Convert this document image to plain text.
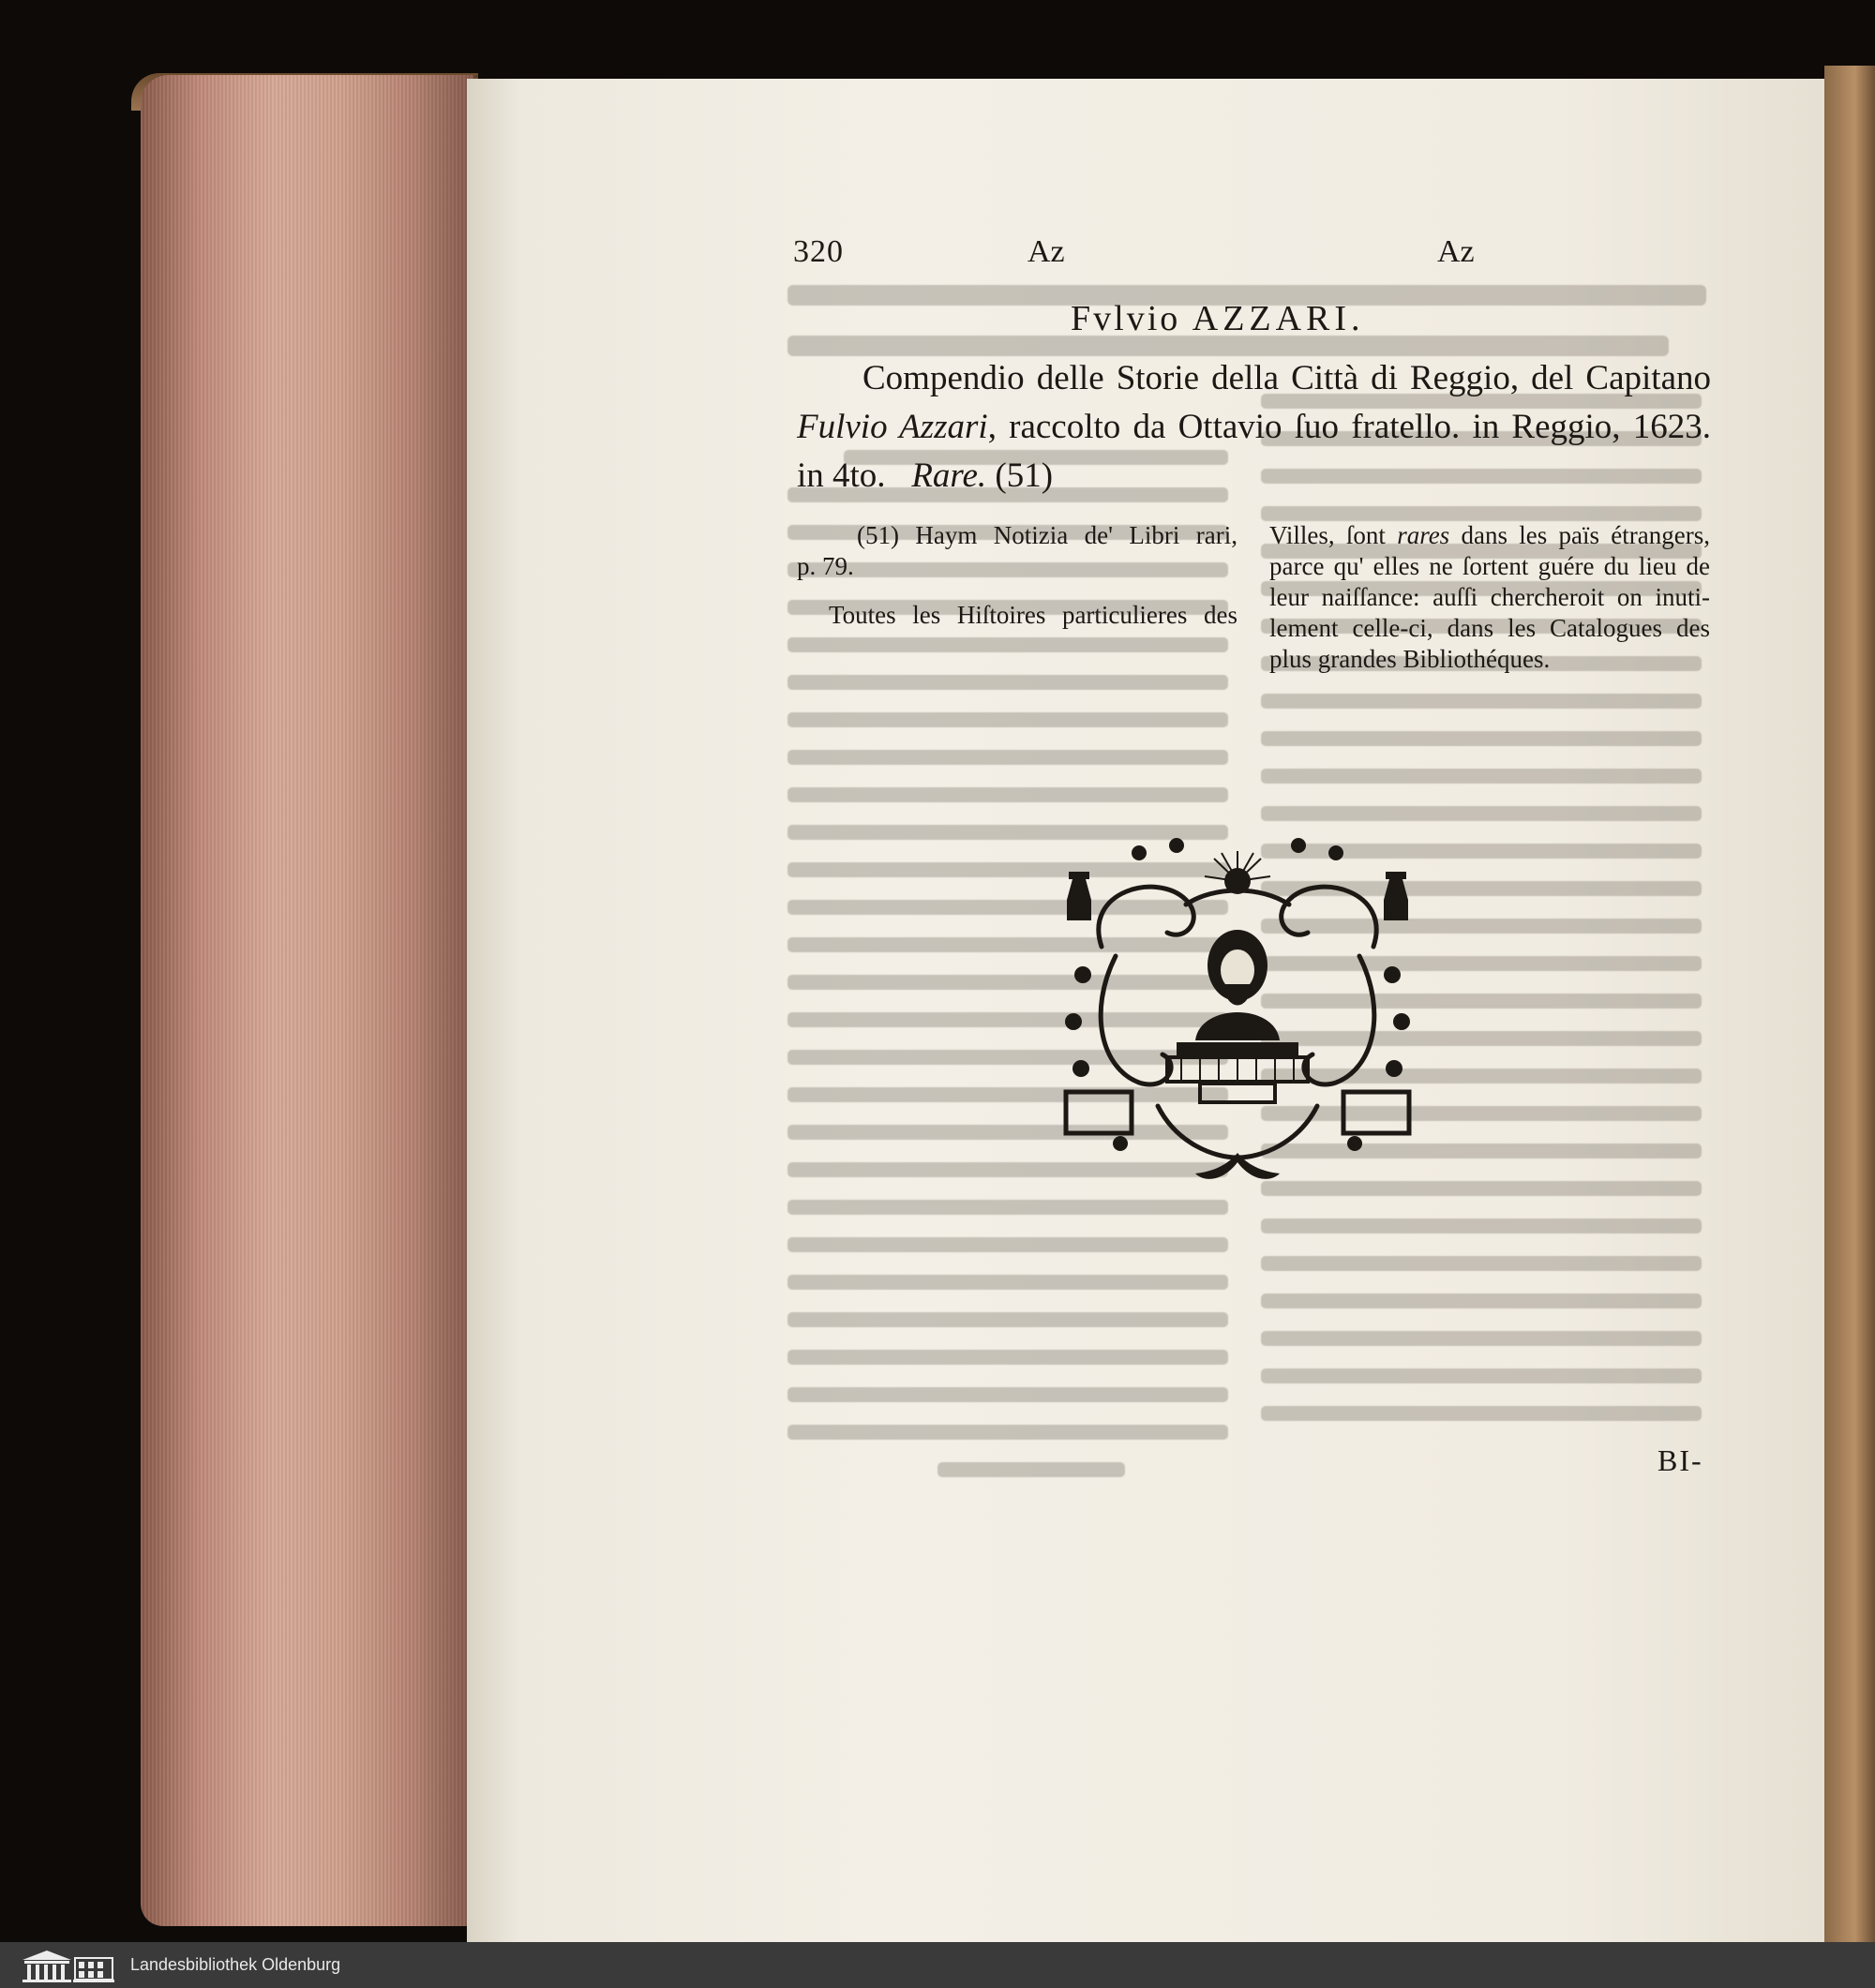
320	Az	Az
Fvlvio AZZARI.
Compendio delle Storie della Città di Reggio, del Capitano
Fulvio Azzari, raccolto da Ottavio ſuo fratello. in Reggio, 1623.
in 4to.   Rare. (51)
(51) Haym Notizia de' Libri rari,
p. 79.
Toutes les Hiſtoires particulieres des
Villes, ſont rares dans les païs étrangers,
parce qu' elles ne ſortent guére du lieu de
leur naiſſance: auſſi chercheroit on inuti-
lement celle-ci, dans les Catalogues des
plus grandes Bibliothéques.
BI-
Landesbibliothek Oldenburg
